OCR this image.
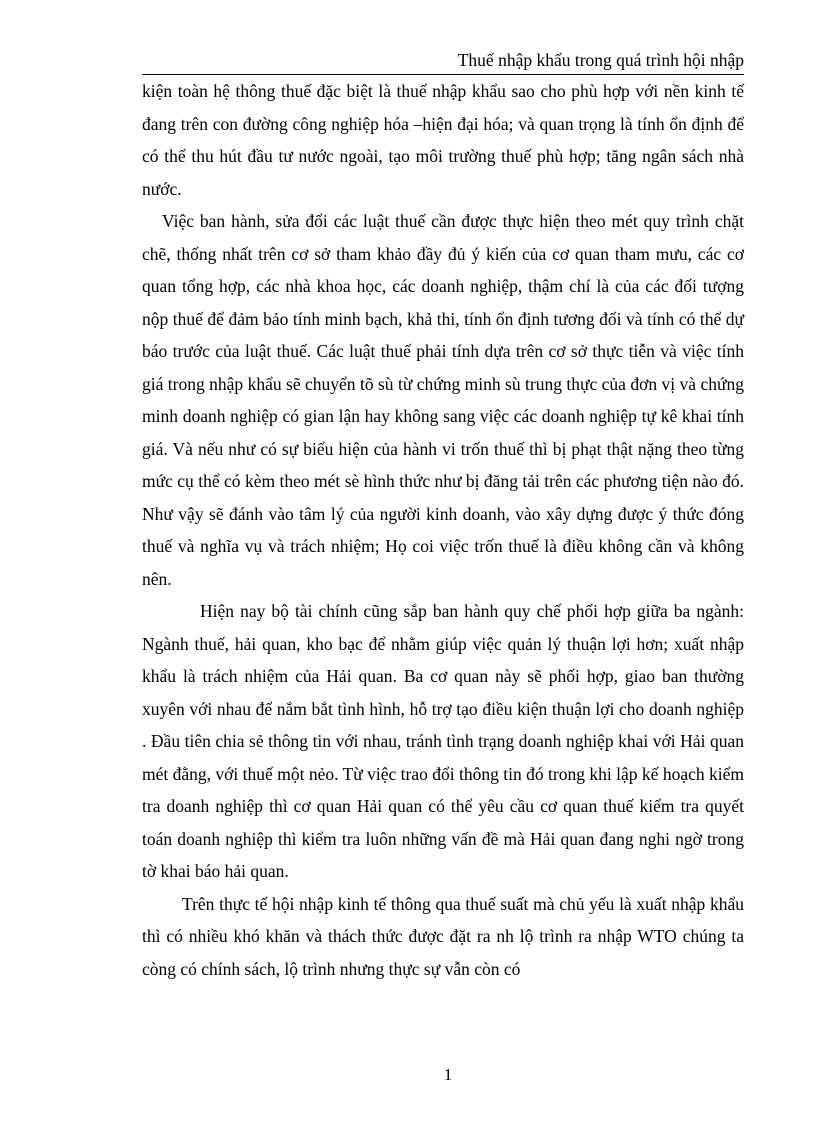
Thuế nhập khẩu trong quá trình hội nhập

kiện toàn hệ thông thuế đặc biệt là thuế nhập khẩu sao cho phù hợp với nền kinh tế đang trên con đường công nghiệp hóa –hiện đại hóa; và quan trọng là tính ổn định để có thể thu hút đầu tư nước ngoài, tạo môi trường thuế phù hợp; tăng ngân sách nhà nước.

Việc ban hành, sửa đổi các luật thuế cần được thực hiện theo mét quy trình chặt chẽ, thống nhất trên cơ sở tham khảo đầy đủ ý kiến của cơ quan tham mưu, các cơ quan tổng hợp, các nhà khoa học, các doanh nghiệp, thậm chí là của các đối tượng nộp thuế để đảm bảo tính minh bạch, khả thi, tính ổn định tương đối và tính có thể dự báo trước của luật thuế. Các luật thuế phải tính dựa trên cơ sở thực tiễn và việc tính giá trong nhập khẩu sẽ chuyển tõ sù từ chứng minh sù trung thực của đơn vị và chứng minh doanh nghiệp có gian lận hay không sang việc các doanh nghiệp tự kê khai tính giá. Và nếu như có sự biểu hiện của hành vi trốn thuế thì bị phạt thật nặng theo từng mức cụ thể có kèm theo mét sè hình thức như bị đăng tải trên các phương tiện nào đó. Như vậy sẽ đánh vào tâm lý của người kinh doanh, vào xây dựng được ý thức đóng thuế và nghĩa vụ và trách nhiệm; Họ coi việc trốn thuế là điều không cần và không nên.

Hiện nay bộ tài chính cũng sắp ban hành quy chế phối hợp giữa ba ngành: Ngành thuế, hải quan, kho bạc để nhằm giúp việc quản lý thuận lợi hơn; xuất nhập khẩu là trách nhiệm của Hải quan. Ba cơ quan này sẽ phối hợp, giao ban thường xuyên với nhau để nắm bắt tình hình, hỗ trợ tạo điều kiện thuận lợi cho doanh nghiệp . Đầu tiên chia sẻ thông tin với nhau, tránh tình trạng doanh nghiệp khai với Hải quan mét đằng, với thuế một nẻo. Từ việc trao đổi thông tin đó trong khi lập kế hoạch kiểm tra doanh nghiệp thì cơ quan Hải quan có thể yêu cầu cơ quan thuế kiểm tra quyết toán doanh nghiệp thì kiểm tra luôn những vấn đề mà Hải quan đang nghi ngờ trong tờ khai báo hải quan.

Trên thực tế hội nhập kinh tế thông qua thuế suất mà chủ yếu là xuất nhập khẩu thì có nhiều khó khăn và thách thức được đặt ra nh lộ trình ra nhập WTO chúng ta còng có chính sách, lộ trình nhưng thực sự vẫn còn có

1
